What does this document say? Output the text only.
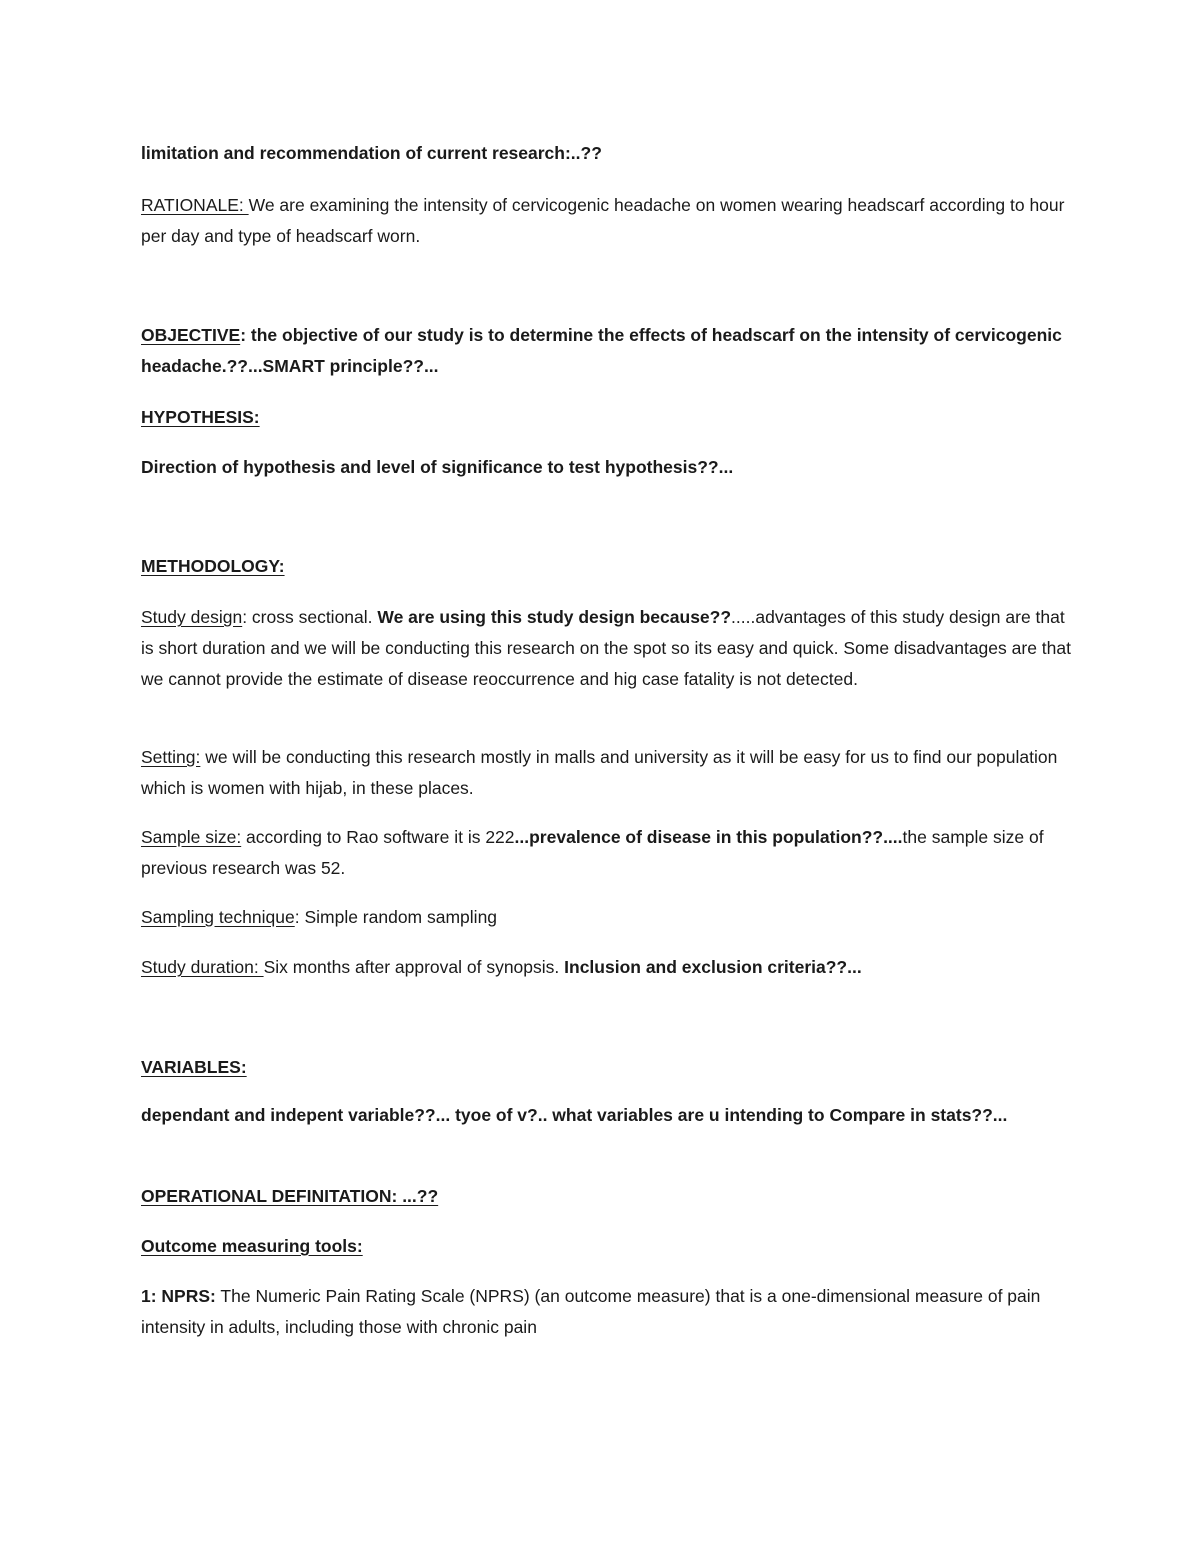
limitation and recommendation of current research:..??

RATIONALE: We are examining the intensity of cervicogenic headache on women wearing headscarf according to hour per day and type of headscarf worn.

OBJECTIVE: the objective of our study is to determine the effects of headscarf on the intensity of cervicogenic headache.??...SMART principle??...

HYPOTHESIS:

Direction of hypothesis and level of significance to test hypothesis??...

METHODOLOGY:

Study design: cross sectional. We are using this study design because??.....advantages of this study design are that is short duration and we will be conducting this research on the spot so its easy and quick. Some disadvantages are that we cannot provide the estimate of disease reoccurrence and hig case fatality is not detected.

Setting: we will be conducting this research mostly in malls and university as it will be easy for us to find our population which is women with hijab, in these places.

Sample size: according to Rao software it is 222...prevalence of disease in this population??....the sample size of previous research was 52.

Sampling technique: Simple random sampling

Study duration: Six months after approval of synopsis. Inclusion and exclusion criteria??...

VARIABLES:

dependant and indepent variable??... tyoe of v?.. what variables are u intending to Compare in stats??...

OPERATIONAL DEFINITATION: ...??

Outcome measuring tools:

1: NPRS: The Numeric Pain Rating Scale (NPRS) (an outcome measure) that is a one-dimensional measure of pain intensity in adults, including those with chronic pain
